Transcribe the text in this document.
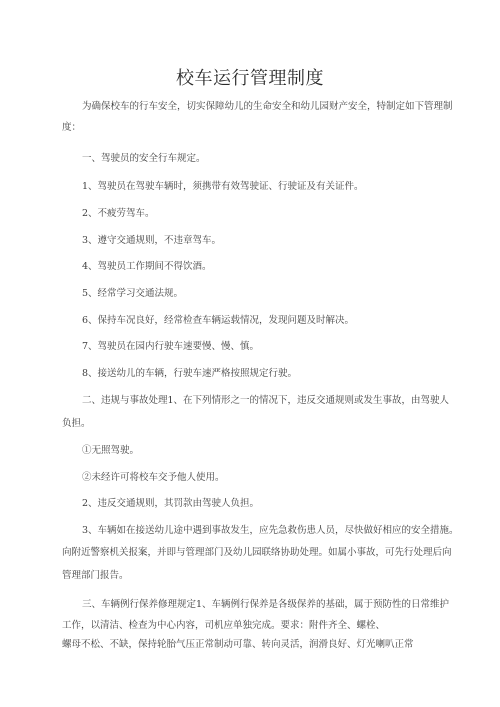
校车运行管理制度
为确保校车的行车安全，切实保障幼儿的生命安全和幼儿园财产安全，特制定如下管理制
度：
一、驾驶员的安全行车规定。
1、驾驶员在驾驶车辆时，须携带有效驾驶证、行驶证及有关证件。
2、不疲劳驾车。
3、遵守交通规则，不违章驾车。
4、驾驶员工作期间不得饮酒。
5、经常学习交通法规。
6、保持车况良好，经常检查车辆运载情况，发现问题及时解决。
7、驾驶员在园内行驶车速要慢、慢、慎。
8、接送幼儿的车辆，行驶车速严格按照规定行驶。
二、违规与事故处理1、在下列情形之一的情况下，违反交通规则或发生事故，由驾驶人
负担。
①无照驾驶。
②未经许可将校车交予他人使用。
2、违反交通规则，其罚款由驾驶人负担。
3、车辆如在接送幼儿途中遇到事故发生，应先急救伤患人员，尽快做好相应的安全措施。
向附近警察机关报案，并即与管理部门及幼儿园联络协助处理。如属小事故，可先行处理后向
管理部门报告。
三、车辆例行保养修理规定1、车辆例行保养是各级保养的基础，属于预防性的日常维护
工作，以清洁、检查为中心内容，司机应单独完成。要求：附件齐全、螺栓、
螺母不松、不缺，保持轮胎气压正常制动可靠、转向灵活，润滑良好、灯光喇叭正常
